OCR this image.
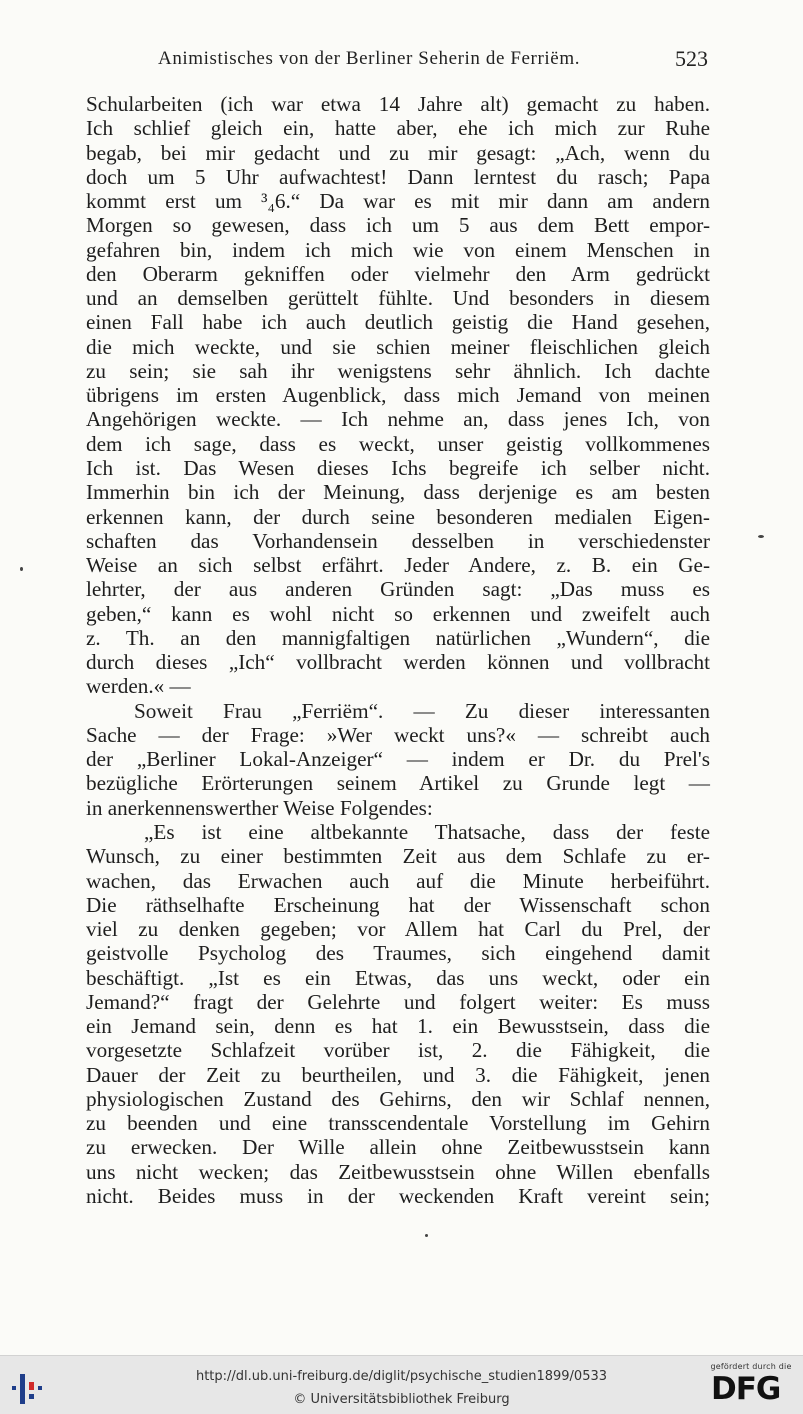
Animistisches von der Berliner Seherin de Ferriëm.	523
Schularbeiten (ich war etwa 14 Jahre alt) gemacht zu haben.
Ich schlief gleich ein, hatte aber, ehe ich mich zur Ruhe
begab, bei mir gedacht und zu mir gesagt: „Ach, wenn du
doch um 5 Uhr aufwachtest! Dann lerntest du rasch; Papa
kommt erst um ³₄6.“ Da war es mit mir dann am andern
Morgen so gewesen, dass ich um 5 aus dem Bett empor-
gefahren bin, indem ich mich wie von einem Menschen in
den Oberarm gekniffen oder vielmehr den Arm gedrückt
und an demselben gerüttelt fühlte. Und besonders in diesem
einen Fall habe ich auch deutlich geistig die Hand gesehen,
die mich weckte, und sie schien meiner fleischlichen gleich
zu sein; sie sah ihr wenigstens sehr ähnlich. Ich dachte
übrigens im ersten Augenblick, dass mich Jemand von meinen
Angehörigen weckte. — Ich nehme an, dass jenes Ich, von
dem ich sage, dass es weckt, unser geistig vollkommenes
Ich ist. Das Wesen dieses Ichs begreife ich selber nicht.
Immerhin bin ich der Meinung, dass derjenige es am besten
erkennen kann, der durch seine besonderen medialen Eigen-
schaften das Vorhandensein desselben in verschiedenster
Weise an sich selbst erfährt. Jeder Andere, z. B. ein Ge-
lehrter, der aus anderen Gründen sagt: „Das muss es
geben,“ kann es wohl nicht so erkennen und zweifelt auch
z. Th. an den mannigfaltigen natürlichen „Wundern“, die
durch dieses „Ich“ vollbracht werden können und vollbracht
werden.« —
Soweit Frau „Ferriëm“. — Zu dieser interessanten
Sache — der Frage: »Wer weckt uns?« — schreibt auch
der „Berliner Lokal-Anzeiger“ — indem er Dr. du Prel's
bezügliche Erörterungen seinem Artikel zu Grunde legt —
in anerkennenswerther Weise Folgendes:
„Es ist eine altbekannte Thatsache, dass der feste
Wunsch, zu einer bestimmten Zeit aus dem Schlafe zu er-
wachen, das Erwachen auch auf die Minute herbeiführt.
Die räthselhafte Erscheinung hat der Wissenschaft schon
viel zu denken gegeben; vor Allem hat Carl du Prel, der
geistvolle Psycholog des Traumes, sich eingehend damit
beschäftigt. „Ist es ein Etwas, das uns weckt, oder ein
Jemand?“ fragt der Gelehrte und folgert weiter: Es muss
ein Jemand sein, denn es hat 1. ein Bewusstsein, dass die
vorgesetzte Schlafzeit vorüber ist, 2. die Fähigkeit, die
Dauer der Zeit zu beurtheilen, und 3. die Fähigkeit, jenen
physiologischen Zustand des Gehirns, den wir Schlaf nennen,
zu beenden und eine transscendentale Vorstellung im Gehirn
zu erwecken. Der Wille allein ohne Zeitbewusstsein kann
uns nicht wecken; das Zeitbewusstsein ohne Willen ebenfalls
nicht. Beides muss in der weckenden Kraft vereint sein;
http://dl.ub.uni-freiburg.de/diglit/psychische_studien1899/0533
© Universitätsbibliothek Freiburg
gefördert durch die
DFG
